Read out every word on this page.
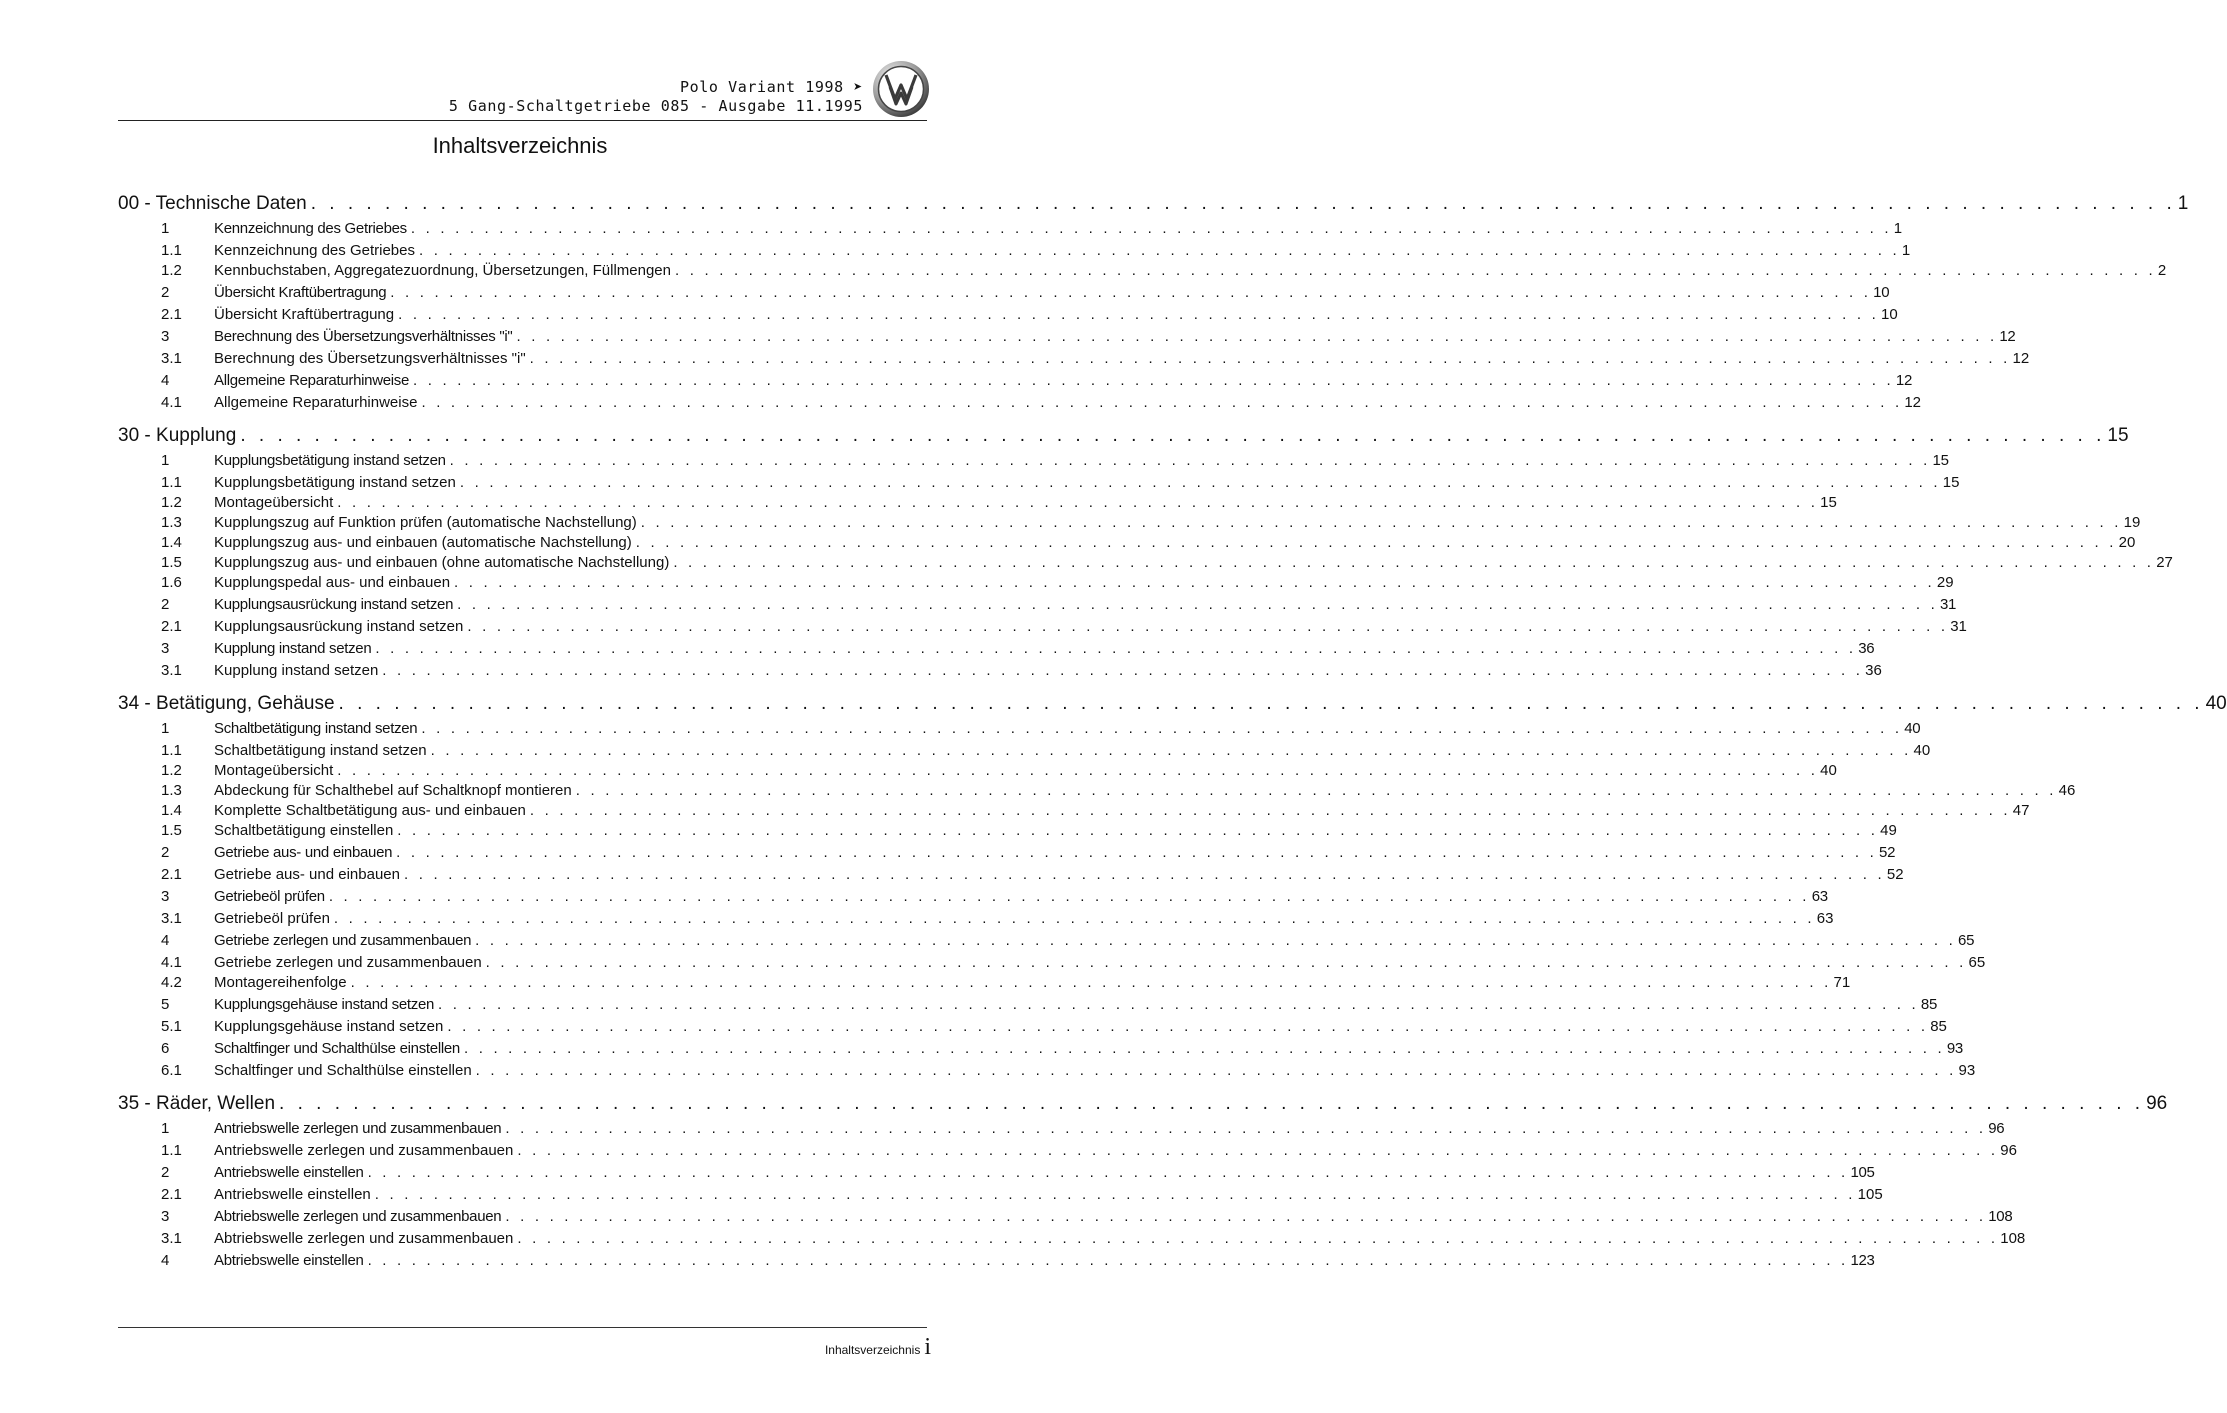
Polo Variant 1998 ➤
5 Gang-Schaltgetriebe 085 - Ausgabe 11.1995
Inhaltsverzeichnis
00 - Technische Daten . . . . . . . . . . . . . . . . . . . . . . . . . . . . . . . . . . . . . . . . . . . . . . . . . . . . . . . . . . . . . . . . . . . . . . . . . . . . . . . . . . . . . . . . . . . . . . . . . . . . . 1
1	Kennzeichnung des Getriebes . . . . . . . . . . . . . . . . . . . . . . . . . . . . . . . . . . . . . . . . . . . . . . . . . . . . . . . . . . . . . . . . . . . . . . . . . . . . . . . . . . . . . . . . . . . . . . . . . . . . . 1
1.1 Kennzeichnung des Getriebes . . . . . . . . . . . . . . . . . . . . . . . . . . . . . . . . . . . . . . . . . . . . . . . . . . . . . . . . . . . . . . . . . . . . . . . . . . . . . . . . . . . . . . . . . . . . . . . . . . . . . 1
1.2 Kennbuchstaben, Aggregatezuordnung, Übersetzungen, Füllmengen . . . . . . . . . . . . . . . . . . . . . . . . . . . . . . . . . . . . . . . . . . . . . . . . . . . . . . . . . . . . . . . . . . . . . . . . . . . . . . . . . . . . . . . . . . . . . . . . . . . . . 2
2	Übersicht Kraftübertragung . . . . . . . . . . . . . . . . . . . . . . . . . . . . . . . . . . . . . . . . . . . . . . . . . . . . . . . . . . . . . . . . . . . . . . . . . . . . . . . . . . . . . . . . . . . . . . . . . . . . . 10
2.1 Übersicht Kraftübertragung . . . . . . . . . . . . . . . . . . . . . . . . . . . . . . . . . . . . . . . . . . . . . . . . . . . . . . . . . . . . . . . . . . . . . . . . . . . . . . . . . . . . . . . . . . . . . . . . . . . . . 10
3	Berechnung des Übersetzungsverhältnisses "i" . . . . . . . . . . . . . . . . . . . . . . . . . . . . . . . . . . . . . . . . . . . . . . . . . . . . . . . . . . . . . . . . . . . . . . . . . . . . . . . . . . . . . . . . . . . . . . . . . . . . . 12
3.1 Berechnung des Übersetzungsverhältnisses "i" . . . . . . . . . . . . . . . . . . . . . . . . . . . . . . . . . . . . . . . . . . . . . . . . . . . . . . . . . . . . . . . . . . . . . . . . . . . . . . . . . . . . . . . . . . . . . . . . . . . . . 12
4	Allgemeine Reparaturhinweise . . . . . . . . . . . . . . . . . . . . . . . . . . . . . . . . . . . . . . . . . . . . . . . . . . . . . . . . . . . . . . . . . . . . . . . . . . . . . . . . . . . . . . . . . . . . . . . . . . . . . 12
4.1 Allgemeine Reparaturhinweise . . . . . . . . . . . . . . . . . . . . . . . . . . . . . . . . . . . . . . . . . . . . . . . . . . . . . . . . . . . . . . . . . . . . . . . . . . . . . . . . . . . . . . . . . . . . . . . . . . . . . 12
30 - Kupplung . . . . . . . . . . . . . . . . . . . . . . . . . . . . . . . . . . . . . . . . . . . . . . . . . . . . . . . . . . . . . . . . . . . . . . . . . . . . . . . . . . . . . . . . . . . . . . . . . . . . . 15
1	Kupplungsbetätigung instand setzen . . . . . . . . . . . . . . . . . . . . . . . . . . . . . . . . . . . . . . . . . . . . . . . . . . . . . . . . . . . . . . . . . . . . . . . . . . . . . . . . . . . . . . . . . . . . . . . . . . . . . 15
1.1 Kupplungsbetätigung instand setzen . . . . . . . . . . . . . . . . . . . . . . . . . . . . . . . . . . . . . . . . . . . . . . . . . . . . . . . . . . . . . . . . . . . . . . . . . . . . . . . . . . . . . . . . . . . . . . . . . . . . . 15
1.2 Montageübersicht . . . . . . . . . . . . . . . . . . . . . . . . . . . . . . . . . . . . . . . . . . . . . . . . . . . . . . . . . . . . . . . . . . . . . . . . . . . . . . . . . . . . . . . . . . . . . . . . . . . . . 15
1.3 Kupplungszug auf Funktion prüfen (automatische Nachstellung) . . . . . . . . . . . . . . . . . . . . . . . . . . . . . . . . . . . . . . . . . . . . . . . . . . . . . . . . . . . . . . . . . . . . . . . . . . . . . . . . . . . . . . . . . . . . . . . . . . . . . 19
1.4 Kupplungszug aus- und einbauen (automatische Nachstellung) . . . . . . . . . . . . . . . . . . . . . . . . . . . . . . . . . . . . . . . . . . . . . . . . . . . . . . . . . . . . . . . . . . . . . . . . . . . . . . . . . . . . . . . . . . . . . . . . . . . . . 20
1.5 Kupplungszug aus- und einbauen (ohne automatische Nachstellung) . . . . . . . . . . . . . . . . . . . . . . . . . . . . . . . . . . . . . . . . . . . . . . . . . . . . . . . . . . . . . . . . . . . . . . . . . . . . . . . . . . . . . . . . . . . . . . . . . . . . . 27
1.6 Kupplungspedal aus- und einbauen . . . . . . . . . . . . . . . . . . . . . . . . . . . . . . . . . . . . . . . . . . . . . . . . . . . . . . . . . . . . . . . . . . . . . . . . . . . . . . . . . . . . . . . . . . . . . . . . . . . . . 29
2	Kupplungsausrückung instand setzen . . . . . . . . . . . . . . . . . . . . . . . . . . . . . . . . . . . . . . . . . . . . . . . . . . . . . . . . . . . . . . . . . . . . . . . . . . . . . . . . . . . . . . . . . . . . . . . . . . . . . 31
2.1 Kupplungsausrückung instand setzen . . . . . . . . . . . . . . . . . . . . . . . . . . . . . . . . . . . . . . . . . . . . . . . . . . . . . . . . . . . . . . . . . . . . . . . . . . . . . . . . . . . . . . . . . . . . . . . . . . . . . 31
3	Kupplung instand setzen . . . . . . . . . . . . . . . . . . . . . . . . . . . . . . . . . . . . . . . . . . . . . . . . . . . . . . . . . . . . . . . . . . . . . . . . . . . . . . . . . . . . . . . . . . . . . . . . . . . . . 36
3.1 Kupplung instand setzen . . . . . . . . . . . . . . . . . . . . . . . . . . . . . . . . . . . . . . . . . . . . . . . . . . . . . . . . . . . . . . . . . . . . . . . . . . . . . . . . . . . . . . . . . . . . . . . . . . . . . 36
34 - Betätigung, Gehäuse . . . . . . . . . . . . . . . . . . . . . . . . . . . . . . . . . . . . . . . . . . . . . . . . . . . . . . . . . . . . . . . . . . . . . . . . . . . . . . . . . . . . . . . . . . . . . . . . . . . . . 40
1	Schaltbetätigung instand setzen . . . . . . . . . . . . . . . . . . . . . . . . . . . . . . . . . . . . . . . . . . . . . . . . . . . . . . . . . . . . . . . . . . . . . . . . . . . . . . . . . . . . . . . . . . . . . . . . . . . . . 40
1.1 Schaltbetätigung instand setzen . . . . . . . . . . . . . . . . . . . . . . . . . . . . . . . . . . . . . . . . . . . . . . . . . . . . . . . . . . . . . . . . . . . . . . . . . . . . . . . . . . . . . . . . . . . . . . . . . . . . . 40
1.2 Montageübersicht . . . . . . . . . . . . . . . . . . . . . . . . . . . . . . . . . . . . . . . . . . . . . . . . . . . . . . . . . . . . . . . . . . . . . . . . . . . . . . . . . . . . . . . . . . . . . . . . . . . . . 40
1.3 Abdeckung für Schalthebel auf Schaltknopf montieren . . . . . . . . . . . . . . . . . . . . . . . . . . . . . . . . . . . . . . . . . . . . . . . . . . . . . . . . . . . . . . . . . . . . . . . . . . . . . . . . . . . . . . . . . . . . . . . . . . . . . 46
1.4 Komplette Schaltbetätigung aus- und einbauen . . . . . . . . . . . . . . . . . . . . . . . . . . . . . . . . . . . . . . . . . . . . . . . . . . . . . . . . . . . . . . . . . . . . . . . . . . . . . . . . . . . . . . . . . . . . . . . . . . . . . 47
1.5 Schaltbetätigung einstellen . . . . . . . . . . . . . . . . . . . . . . . . . . . . . . . . . . . . . . . . . . . . . . . . . . . . . . . . . . . . . . . . . . . . . . . . . . . . . . . . . . . . . . . . . . . . . . . . . . . . . 49
2	Getriebe aus- und einbauen . . . . . . . . . . . . . . . . . . . . . . . . . . . . . . . . . . . . . . . . . . . . . . . . . . . . . . . . . . . . . . . . . . . . . . . . . . . . . . . . . . . . . . . . . . . . . . . . . . . . . 52
2.1 Getriebe aus- und einbauen . . . . . . . . . . . . . . . . . . . . . . . . . . . . . . . . . . . . . . . . . . . . . . . . . . . . . . . . . . . . . . . . . . . . . . . . . . . . . . . . . . . . . . . . . . . . . . . . . . . . . 52
3	Getriebeöl prüfen . . . . . . . . . . . . . . . . . . . . . . . . . . . . . . . . . . . . . . . . . . . . . . . . . . . . . . . . . . . . . . . . . . . . . . . . . . . . . . . . . . . . . . . . . . . . . . . . . . . . . 63
3.1 Getriebeöl prüfen . . . . . . . . . . . . . . . . . . . . . . . . . . . . . . . . . . . . . . . . . . . . . . . . . . . . . . . . . . . . . . . . . . . . . . . . . . . . . . . . . . . . . . . . . . . . . . . . . . . . . 63
4	Getriebe zerlegen und zusammenbauen . . . . . . . . . . . . . . . . . . . . . . . . . . . . . . . . . . . . . . . . . . . . . . . . . . . . . . . . . . . . . . . . . . . . . . . . . . . . . . . . . . . . . . . . . . . . . . . . . . . . . 65
4.1 Getriebe zerlegen und zusammenbauen . . . . . . . . . . . . . . . . . . . . . . . . . . . . . . . . . . . . . . . . . . . . . . . . . . . . . . . . . . . . . . . . . . . . . . . . . . . . . . . . . . . . . . . . . . . . . . . . . . . . . 65
4.2 Montagereihenfolge . . . . . . . . . . . . . . . . . . . . . . . . . . . . . . . . . . . . . . . . . . . . . . . . . . . . . . . . . . . . . . . . . . . . . . . . . . . . . . . . . . . . . . . . . . . . . . . . . . . . . 71
5	Kupplungsgehäuse instand setzen . . . . . . . . . . . . . . . . . . . . . . . . . . . . . . . . . . . . . . . . . . . . . . . . . . . . . . . . . . . . . . . . . . . . . . . . . . . . . . . . . . . . . . . . . . . . . . . . . . . . . 85
5.1 Kupplungsgehäuse instand setzen . . . . . . . . . . . . . . . . . . . . . . . . . . . . . . . . . . . . . . . . . . . . . . . . . . . . . . . . . . . . . . . . . . . . . . . . . . . . . . . . . . . . . . . . . . . . . . . . . . . . . 85
6	Schaltfinger und Schalthülse einstellen . . . . . . . . . . . . . . . . . . . . . . . . . . . . . . . . . . . . . . . . . . . . . . . . . . . . . . . . . . . . . . . . . . . . . . . . . . . . . . . . . . . . . . . . . . . . . . . . . . . . . 93
6.1 Schaltfinger und Schalthülse einstellen . . . . . . . . . . . . . . . . . . . . . . . . . . . . . . . . . . . . . . . . . . . . . . . . . . . . . . . . . . . . . . . . . . . . . . . . . . . . . . . . . . . . . . . . . . . . . . . . . . . . . 93
35 - Räder, Wellen . . . . . . . . . . . . . . . . . . . . . . . . . . . . . . . . . . . . . . . . . . . . . . . . . . . . . . . . . . . . . . . . . . . . . . . . . . . . . . . . . . . . . . . . . . . . . . . . . . . . . 96
1	Antriebswelle zerlegen und zusammenbauen . . . . . . . . . . . . . . . . . . . . . . . . . . . . . . . . . . . . . . . . . . . . . . . . . . . . . . . . . . . . . . . . . . . . . . . . . . . . . . . . . . . . . . . . . . . . . . . . . . . . . 96
1.1 Antriebswelle zerlegen und zusammenbauen . . . . . . . . . . . . . . . . . . . . . . . . . . . . . . . . . . . . . . . . . . . . . . . . . . . . . . . . . . . . . . . . . . . . . . . . . . . . . . . . . . . . . . . . . . . . . . . . . . . . . 96
2	Antriebswelle einstellen . . . . . . . . . . . . . . . . . . . . . . . . . . . . . . . . . . . . . . . . . . . . . . . . . . . . . . . . . . . . . . . . . . . . . . . . . . . . . . . . . . . . . . . . . . . . . . . . . . . . . 105
2.1 Antriebswelle einstellen . . . . . . . . . . . . . . . . . . . . . . . . . . . . . . . . . . . . . . . . . . . . . . . . . . . . . . . . . . . . . . . . . . . . . . . . . . . . . . . . . . . . . . . . . . . . . . . . . . . . . 105
3	Abtriebswelle zerlegen und zusammenbauen . . . . . . . . . . . . . . . . . . . . . . . . . . . . . . . . . . . . . . . . . . . . . . . . . . . . . . . . . . . . . . . . . . . . . . . . . . . . . . . . . . . . . . . . . . . . . . . . . . . . . 108
3.1 Abtriebswelle zerlegen und zusammenbauen . . . . . . . . . . . . . . . . . . . . . . . . . . . . . . . . . . . . . . . . . . . . . . . . . . . . . . . . . . . . . . . . . . . . . . . . . . . . . . . . . . . . . . . . . . . . . . . . . . . . . 108
4	Abtriebswelle einstellen . . . . . . . . . . . . . . . . . . . . . . . . . . . . . . . . . . . . . . . . . . . . . . . . . . . . . . . . . . . . . . . . . . . . . . . . . . . . . . . . . . . . . . . . . . . . . . . . . . . . . 123
Inhaltsverzeichnis i
